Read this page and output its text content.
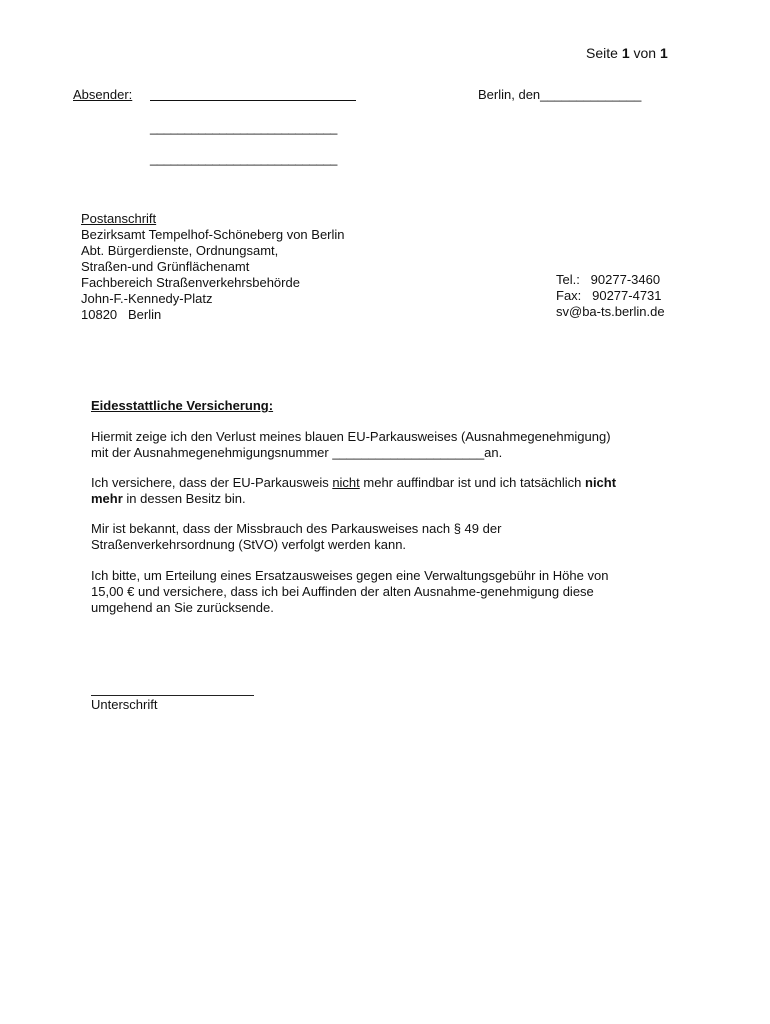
Seite 1 von 1
Absender:
___________________________
___________________________
Berlin, den______________
Postanschrift
Bezirksamt Tempelhof-Schöneberg von Berlin
Abt. Bürgerdienste, Ordnungsamt,
Straßen-und Grünflächenamt
Fachbereich Straßenverkehrsbehörde
John-F.-Kennedy-Platz
10820   Berlin
Tel.:   90277-3460
Fax:   90277-4731
sv@ba-ts.berlin.de
Eidesstattliche Versicherung:
Hiermit zeige ich den Verlust meines blauen EU-Parkausweises (Ausnahmegenehmigung)
mit der Ausnahmegenehmigungsnummer _____________________an.
Ich versichere, dass der EU-Parkausweis nicht mehr auffindbar ist und ich tatsächlich nicht
mehr in dessen Besitz bin.
Mir ist bekannt, dass der Missbrauch des Parkausweises nach § 49 der
Straßenverkehrsordnung (StVO) verfolgt werden kann.
Ich bitte, um Erteilung eines Ersatzausweises gegen eine Verwaltungsgebühr in Höhe von
15,00 € und versichere, dass ich bei Auffinden der alten Ausnahme-genehmigung diese
umgehend an Sie zurücksende.
Unterschrift
